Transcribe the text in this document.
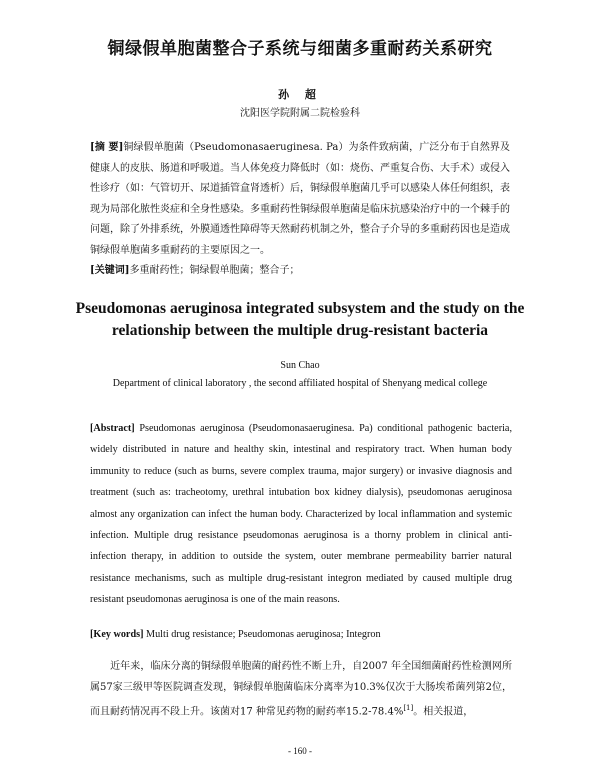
铜绿假单胞菌整合子系统与细菌多重耐药关系研究
孙 超
沈阳医学院附属二院检验科
[摘 要]铜绿假单胞菌（Pseudomonasaeruginesa. Pa）为条件致病菌，广泛分布于自然界及健康人的皮肤、肠道和呼吸道。当人体免疫力降低时（如：烧伤、严重复合伤、大手术）或侵入性诊疗（如：气管切开、尿道插管盒肾透析）后，铜绿假单胞菌几乎可以感染人体任何组织，表现为局部化脓性炎症和全身性感染。多重耐药性铜绿假单胞菌是临床抗感染治疗中的一个棘手的问题，除了外排系统，外膜通透性障碍等天然耐药机制之外，整合子介导的多重耐药因也是造成铜绿假单胞菌多重耐药的主要原因之一。
[关键词]多重耐药性；铜绿假单胞菌；整合子；
Pseudomonas aeruginosa integrated subsystem and the study on the relationship between the multiple drug-resistant bacteria
Sun Chao
Department of clinical laboratory , the second affiliated hospital of Shenyang medical college
[Abstract] Pseudomonas aeruginosa (Pseudomonasaeruginesa. Pa) conditional pathogenic bacteria, widely distributed in nature and healthy skin, intestinal and respiratory tract. When human body immunity to reduce (such as burns, severe complex trauma, major surgery) or invasive diagnosis and treatment (such as: tracheotomy, urethral intubation box kidney dialysis), pseudomonas aeruginosa almost any organization can infect the human body. Characterized by local inflammation and systemic infection. Multiple drug resistance pseudomonas aeruginosa is a thorny problem in clinical anti-infection therapy, in addition to outside the system, outer membrane permeability barrier natural resistance mechanisms, such as multiple drug-resistant integron mediated by caused multiple drug resistant pseudomonas aeruginosa is one of the main reasons.
[Key words] Multi drug resistance; Pseudomonas aeruginosa; Integron
近年来，临床分离的铜绿假单胞菌的耐药性不断上升，自2007 年全国细菌耐药性检测网所属57家三级甲等医院调查发现，铜绿假单胞菌临床分离率为10.3%仅次于大肠埃希菌列第2位，而且耐药情况再不段上升。该菌对17 种常见药物的耐药率15.2-78.4%[1]。相关报道，
- 160 -
